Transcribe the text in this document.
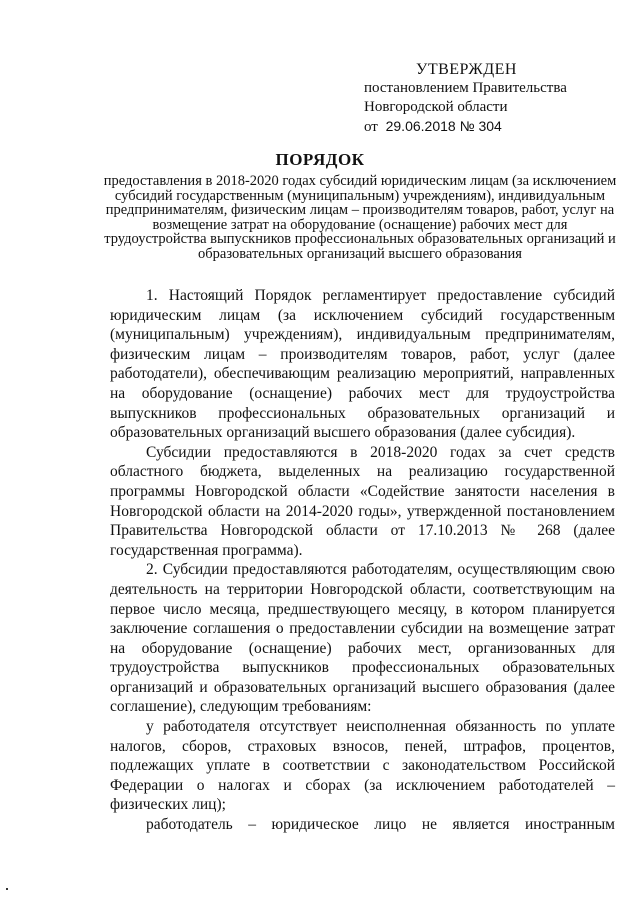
УТВЕРЖДЕН
постановлением Правительства
Новгородской области
от 29.06.2018 № 304
ПОРЯДОК
предоставления в 2018-2020 годах субсидий юридическим лицам (за исключением субсидий государственным (муниципальным) учреждениям), индивидуальным предпринимателям, физическим лицам – производителям товаров, работ, услуг на возмещение затрат на оборудование (оснащение) рабочих мест для трудоустройства выпускников профессиональных образовательных организаций и образовательных организаций высшего образования

1. Настоящий Порядок регламентирует предоставление субсидий юридическим лицам (за исключением субсидий государственным (муниципальным) учреждениям), индивидуальным предпринимателям, физическим лицам – производителям товаров, работ, услуг (далее работодатели), обеспечивающим реализацию мероприятий, направленных на оборудование (оснащение) рабочих мест для трудоустройства выпускников профессиональных образовательных организаций и образовательных организаций высшего образования (далее субсидия).

Субсидии предоставляются в 2018-2020 годах за счет средств областного бюджета, выделенных на реализацию государственной программы Новгородской области «Содействие занятости населения в Новгородской области на 2014-2020 годы», утвержденной постановлением Правительства Новгородской области от 17.10.2013 № 268 (далее государственная программа).

2. Субсидии предоставляются работодателям, осуществляющим свою деятельность на территории Новгородской области, соответствующим на первое число месяца, предшествующего месяцу, в котором планируется заключение соглашения о предоставлении субсидии на возмещение затрат на оборудование (оснащение) рабочих мест, организованных для трудоустройства выпускников профессиональных образовательных организаций и образовательных организаций высшего образования (далее соглашение), следующим требованиям:

у работодателя отсутствует неисполненная обязанность по уплате налогов, сборов, страховых взносов, пеней, штрафов, процентов, подлежащих уплате в соответствии с законодательством Российской Федерации о налогах и сборах (за исключением работодателей – физических лиц);

работодатель – юридическое лицо не является иностранным
